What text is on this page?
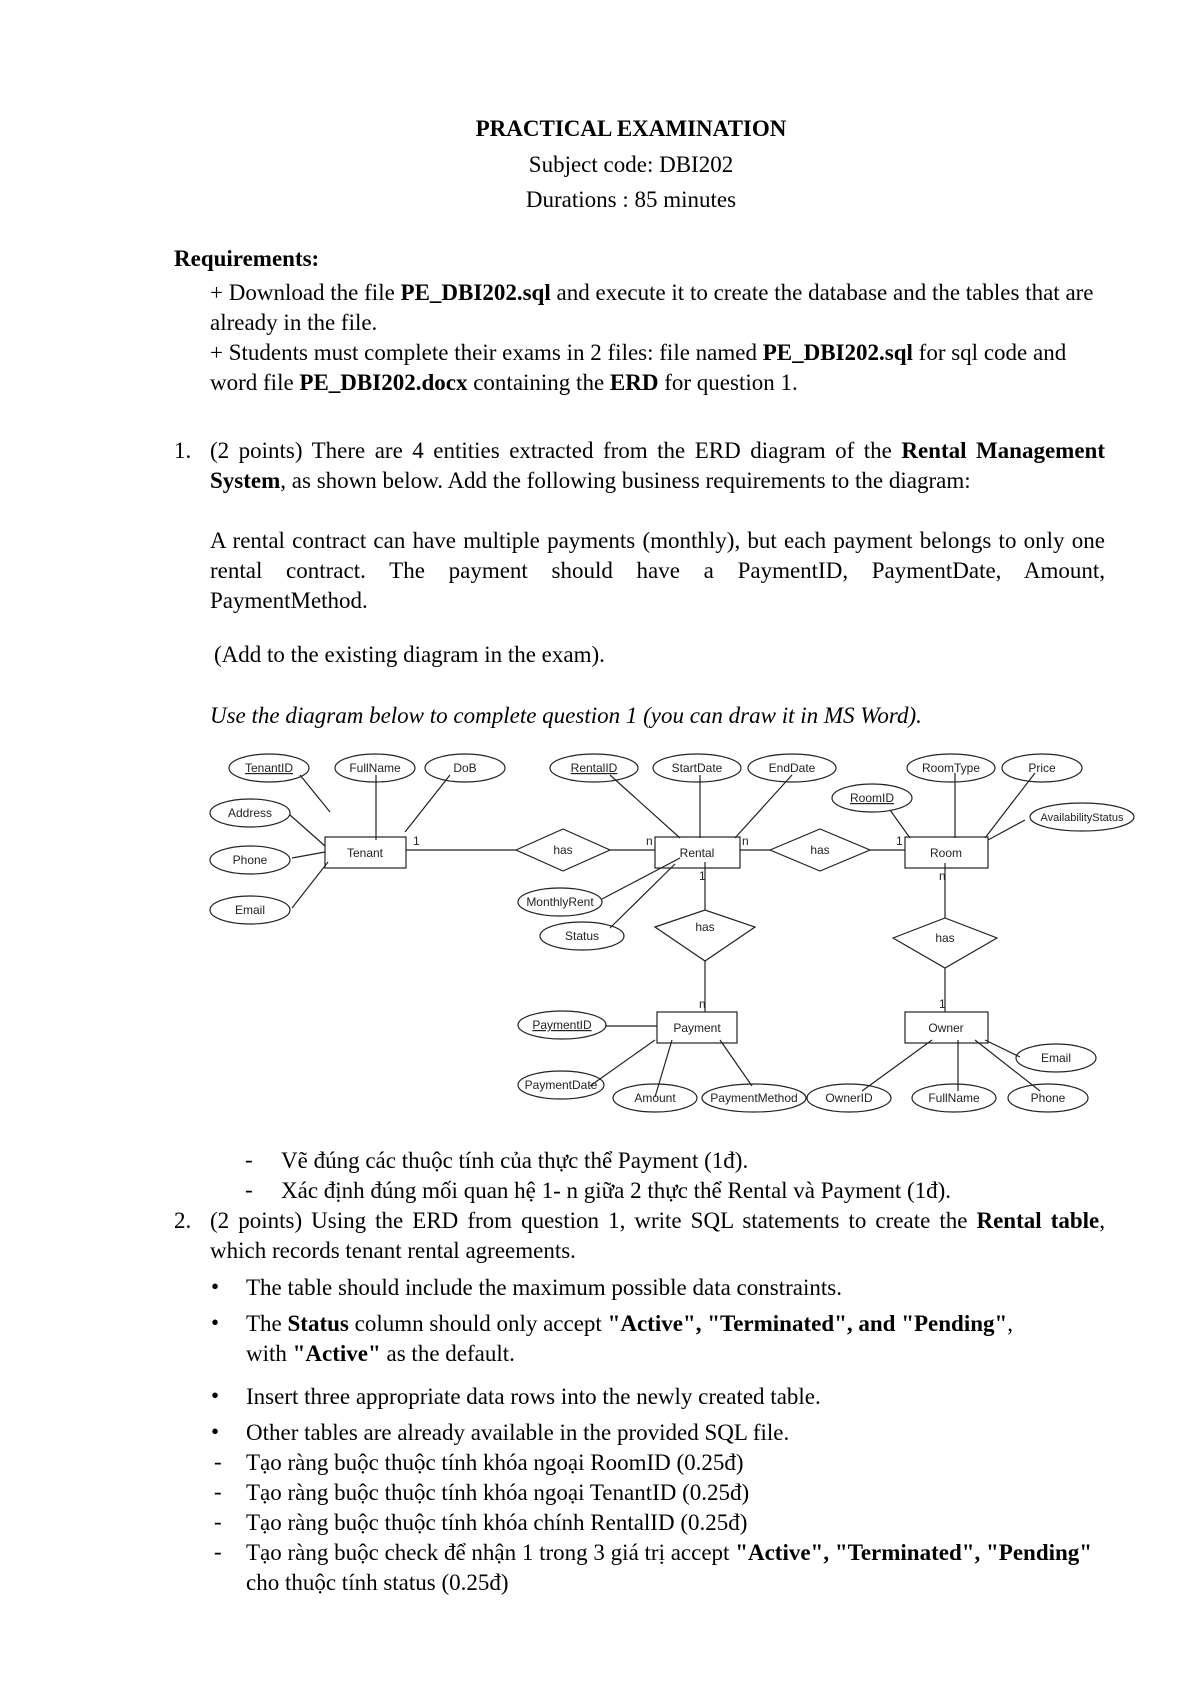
PRACTICAL EXAMINATION
Subject code: DBI202
Durations : 85 minutes
Requirements:
+ Download the file PE_DBI202.sql and execute it to create the database and the tables that are already in the file.
+ Students must complete their exams in 2 files: file named PE_DBI202.sql for sql code and word file PE_DBI202.docx containing the ERD for question 1.
1. (2 points) There are 4 entities extracted from the ERD diagram of the Rental Management System, as shown below. Add the following business requirements to the diagram:
A rental contract can have multiple payments (monthly), but each payment belongs to only one rental contract. The payment should have a PaymentID, PaymentDate, Amount, PaymentMethod.
(Add to the existing diagram in the exam).
Use the diagram below to complete question 1 (you can draw it in MS Word).
Tenant	Rental	Room
Payment	Owner
has	has
has
has
TenantID	FullName	DoB
Address
Phone
Email
RentalID	StartDate	EndDate
MonthlyRent
Status
RoomType	Price
RoomID
AvailabilityStatus
PaymentID
PaymentDate
Amount	PaymentMethod OwnerID	FullName
Email
Phone
1	n	n	1
1
n
n
1
-	Vẽ đúng các thuộc tính của thực thể Payment (1đ).
-	Xác định đúng mối quan hệ 1- n giữa 2 thực thể Rental và Payment (1đ).
2. (2 points) Using the ERD from question 1, write SQL statements to create the Rental table, which records tenant rental agreements.
•	The table should include the maximum possible data constraints.
•	The Status column should only accept "Active", "Terminated", and "Pending", with "Active" as the default.
•	Insert three appropriate data rows into the newly created table.
•	Other tables are already available in the provided SQL file.
-	Tạo ràng buộc thuộc tính khóa ngoại RoomID (0.25đ)
-	Tạo ràng buộc thuộc tính khóa ngoại TenantID (0.25đ)
-	Tạo ràng buộc thuộc tính khóa chính RentalID (0.25đ)
-	Tạo ràng buộc check để nhận 1 trong 3 giá trị accept "Active", "Terminated", "Pending" cho thuộc tính status (0.25đ)
